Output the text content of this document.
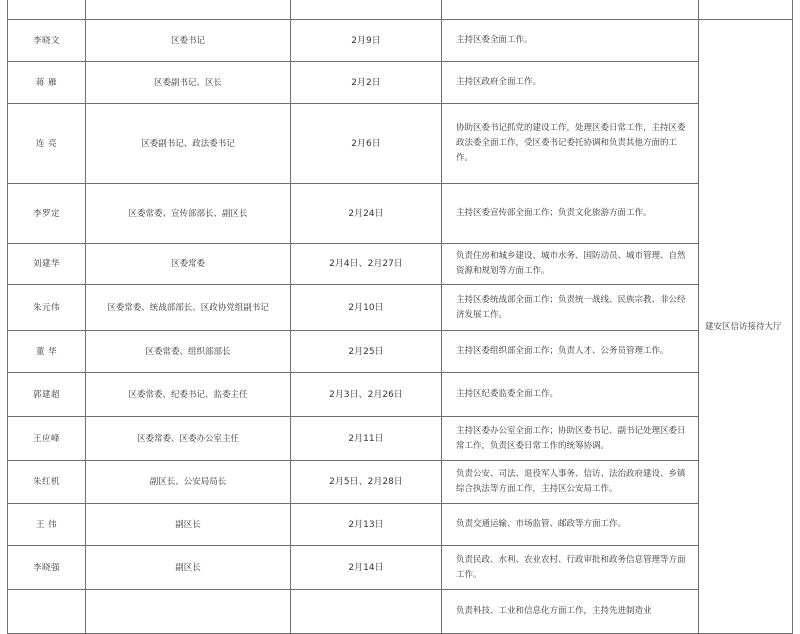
李晓文	区委书记	2月9日	主持区委全面工作。	建安区信访接待大厅
蒋 雁	区委副书记、区长	2月2日	主持区政府全面工作。	
连 亮	区委副书记、政法委书记	2月6日	协助区委书记抓党的建设工作，处理区委日常工作，主持区委政法委全面工作，受区委书记委托协调和负责其他方面的工作。	
李罗定	区委常委、宣传部部长、副区长	2月24日	主持区委宣传部全面工作；负责文化旅游方面工作。	
刘建华	区委常委	2月4日、2月27日	负责住房和城乡建设、城市水务、国防动员、城市管理、自然资源和规划等方面工作。	
朱元伟	区委常委、统战部部长、区政协党组副书记	2月10日	主持区委统战部全面工作；负责统一战线、民族宗教、非公经济发展工作。	
董 华	区委常委、组织部部长	2月25日	主持区委组织部全面工作；负责人才、公务员管理工作。	
郭建超	区委常委、纪委书记、监委主任	2月3日、2月26日	主持区纪委监委全面工作。	
王应峰	区委常委、区委办公室主任	2月11日	主持区委办公室全面工作；协助区委书记、副书记处理区委日常工作，负责区委日常工作的统筹协调。	
朱红机	副区长、公安局局长	2月5日、2月28日	负责公安、司法、退役军人事务、信访、法治政府建设、乡镇综合执法等方面工作，主持区公安局工作。	
王 伟	副区长	2月13日	负责交通运输、市场监管、邮政等方面工作。	
李晓强	副区长	2月14日	负责民政、水利、农业农村、行政审批和政务信息管理等方面工作。	
			负责科技、工业和信息化方面工作，主持先进制造业	
